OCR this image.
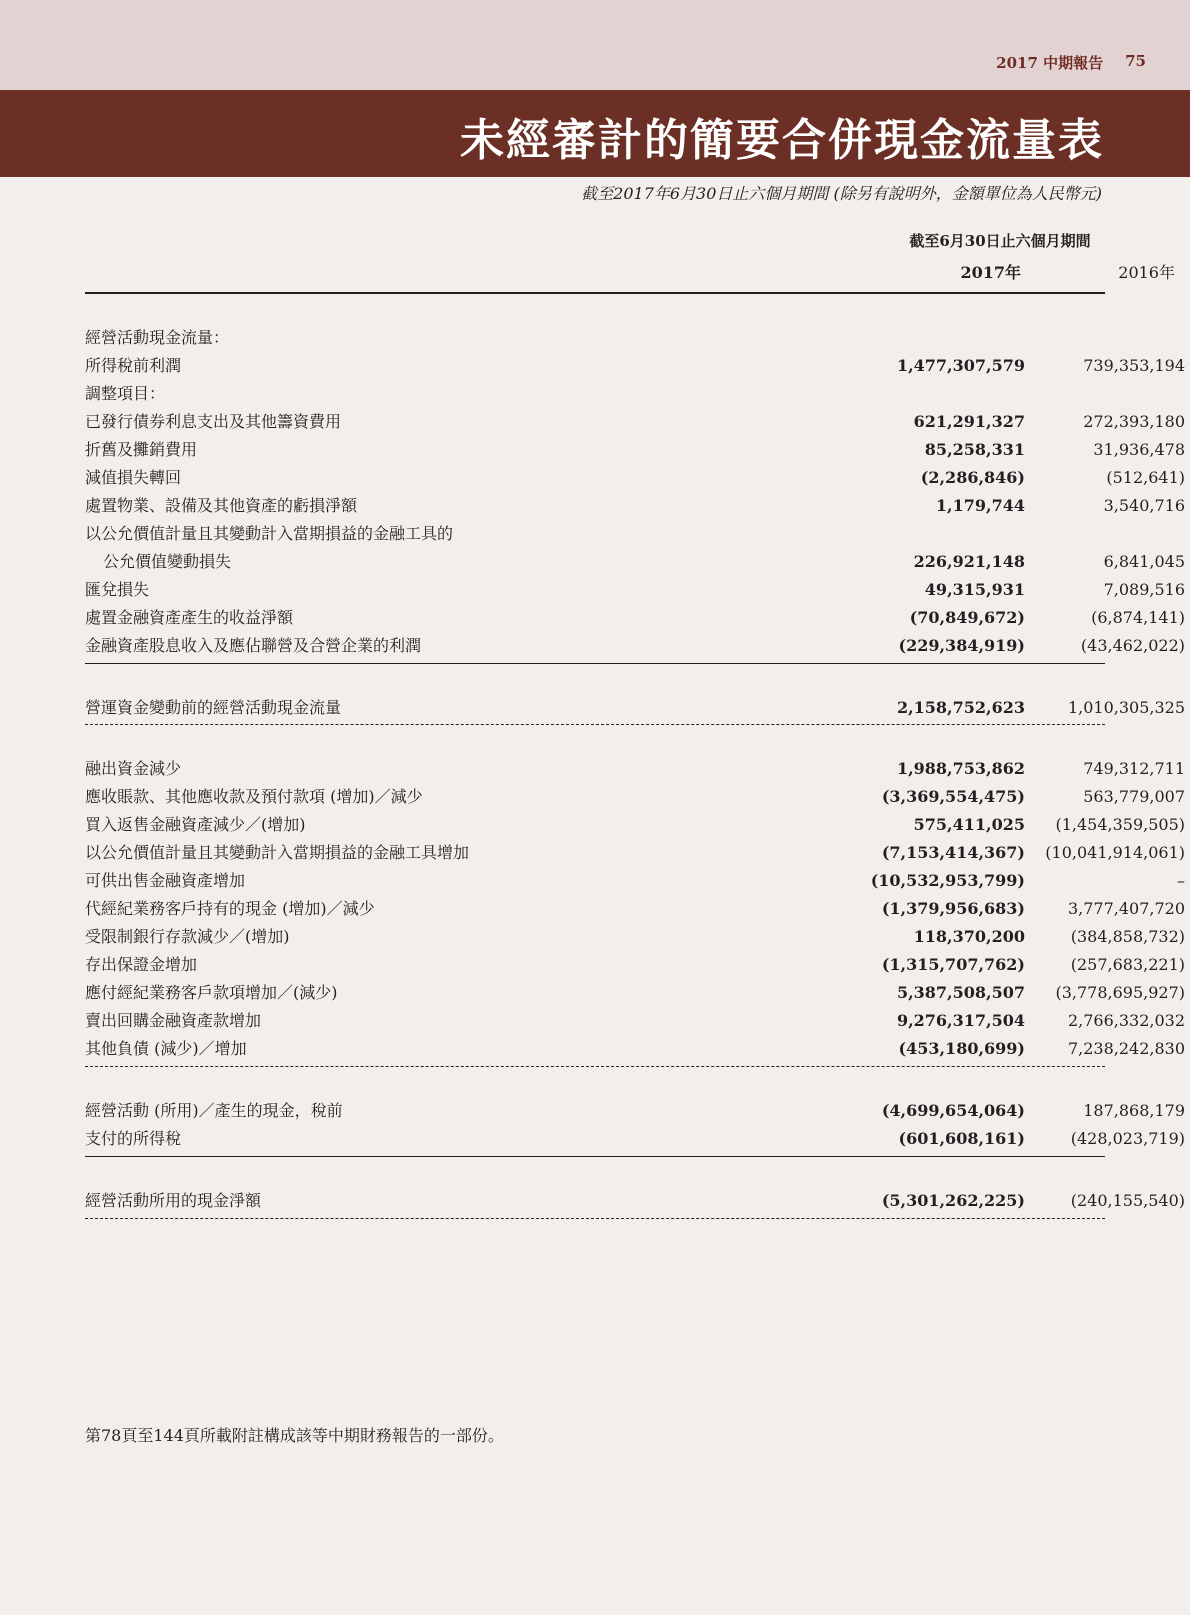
2017 中期報告 75
未經審計的簡要合併現金流量表
截至2017年6月30日止六個月期間 (除另有說明外，金額單位為人民幣元)
截至6月30日止六個月期間
2017年	2016年
經營活動現金流量：
所得稅前利潤	1,477,307,579	739,353,194
調整項目：
已發行債券利息支出及其他籌資費用	621,291,327	272,393,180
折舊及攤銷費用	85,258,331	31,936,478
減值損失轉回	(2,286,846)	(512,641)
處置物業、設備及其他資產的虧損淨額	1,179,744	3,540,716
以公允價值計量且其變動計入當期損益的金融工具的
公允價值變動損失	226,921,148	6,841,045
匯兌損失	49,315,931	7,089,516
處置金融資產產生的收益淨額	(70,849,672)	(6,874,141)
金融資產股息收入及應佔聯營及合營企業的利潤	(229,384,919)	(43,462,022)
營運資金變動前的經營活動現金流量	2,158,752,623	1,010,305,325
融出資金減少	1,988,753,862	749,312,711
應收賬款、其他應收款及預付款項 (增加)／減少	(3,369,554,475)	563,779,007
買入返售金融資產減少／(增加)	575,411,025	(1,454,359,505)
以公允價值計量且其變動計入當期損益的金融工具增加	(7,153,414,367)	(10,041,914,061)
可供出售金融資產增加	(10,532,953,799)	–
代經紀業務客戶持有的現金 (增加)／減少	(1,379,956,683)	3,777,407,720
受限制銀行存款減少／(增加)	118,370,200	(384,858,732)
存出保證金增加	(1,315,707,762)	(257,683,221)
應付經紀業務客戶款項增加／(減少)	5,387,508,507	(3,778,695,927)
賣出回購金融資產款增加	9,276,317,504	2,766,332,032
其他負債 (減少)／增加	(453,180,699)	7,238,242,830
經營活動 (所用)／產生的現金，稅前	(4,699,654,064)	187,868,179
支付的所得稅	(601,608,161)	(428,023,719)
經營活動所用的現金淨額	(5,301,262,225)	(240,155,540)
第78頁至144頁所載附註構成該等中期財務報告的一部份。
